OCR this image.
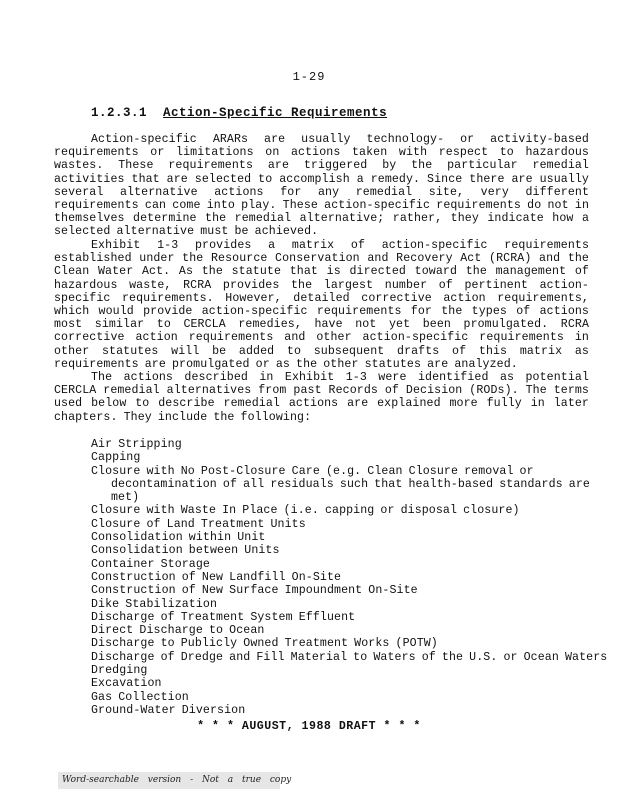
1-29
1.2.3.1 Action-Specific Requirements

Action-specific ARARs are usually technology- or activity-based requirements or limitations on actions taken with respect to hazardous wastes. These requirements are triggered by the particular remedial activities that are selected to accomplish a remedy. Since there are usually several alternative actions for any remedial site, very different requirements can come into play. These action-specific requirements do not in themselves determine the remedial alternative; rather, they indicate how a selected alternative must be achieved.

Exhibit 1-3 provides a matrix of action-specific requirements established under the Resource Conservation and Recovery Act (RCRA) and the Clean Water Act. As the statute that is directed toward the management of hazardous waste, RCRA provides the largest number of pertinent action-specific requirements. However, detailed corrective action requirements, which would provide action-specific requirements for the types of actions most similar to CERCLA remedies, have not yet been promulgated. RCRA corrective action requirements and other action-specific requirements in other statutes will be added to subsequent drafts of this matrix as requirements are promulgated or as the other statutes are analyzed.

The actions described in Exhibit 1-3 were identified as potential CERCLA remedial alternatives from past Records of Decision (RODs). The terms used below to describe remedial actions are explained more fully in later chapters. They include the following:

Air Stripping
Capping
Closure with No Post-Closure Care (e.g. Clean Closure removal or decontamination of all residuals such that health-based standards are met)
Closure with Waste In Place (i.e. capping or disposal closure)
Closure of Land Treatment Units
Consolidation within Unit
Consolidation between Units
Container Storage
Construction of New Landfill On-Site
Construction of New Surface Impoundment On-Site
Dike Stabilization
Discharge of Treatment System Effluent
Direct Discharge to Ocean
Discharge to Publicly Owned Treatment Works (POTW)
Discharge of Dredge and Fill Material to Waters of the U.S. or Ocean Waters
Dredging
Excavation
Gas Collection
Ground-Water Diversion
* * * AUGUST, 1988 DRAFT * * *
Word-searchable version - Not a true copy
